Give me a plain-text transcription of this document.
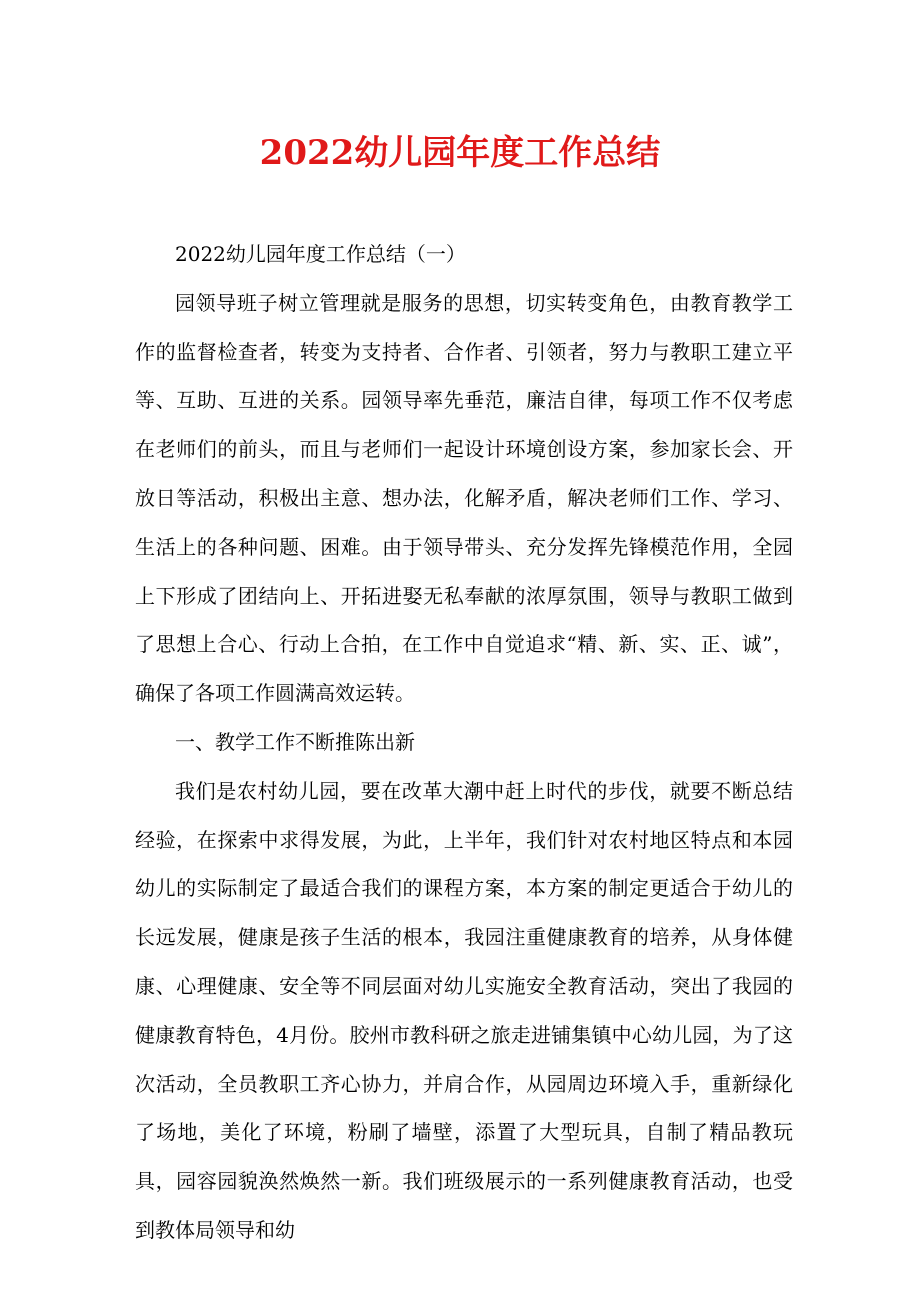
2022幼儿园年度工作总结

2022幼儿园年度工作总结（一）

园领导班子树立管理就是服务的思想，切实转变角色，由教育教学工作的监督检查者，转变为支持者、合作者、引领者，努力与教职工建立平等、互助、互进的关系。园领导率先垂范，廉洁自律，每项工作不仅考虑在老师们的前头，而且与老师们一起设计环境创设方案，参加家长会、开放日等活动，积极出主意、想办法，化解矛盾，解决老师们工作、学习、生活上的各种问题、困难。由于领导带头、充分发挥先锋模范作用，全园上下形成了团结向上、开拓进娶无私奉献的浓厚氛围，领导与教职工做到了思想上合心、行动上合拍，在工作中自觉追求“精、新、实、正、诚”，确保了各项工作圆满高效运转。

一、教学工作不断推陈出新

我们是农村幼儿园，要在改革大潮中赶上时代的步伐，就要不断总结经验，在探索中求得发展，为此，上半年，我们针对农村地区特点和本园幼儿的实际制定了最适合我们的课程方案，本方案的制定更适合于幼儿的长远发展，健康是孩子生活的根本，我园注重健康教育的培养，从身体健康、心理健康、安全等不同层面对幼儿实施安全教育活动，突出了我园的健康教育特色，4月份。胶州市教科研之旅走进铺集镇中心幼儿园，为了这次活动，全员教职工齐心协力，并肩合作，从园周边环境入手，重新绿化了场地，美化了环境，粉刷了墙壁，添置了大型玩具，自制了精品教玩具，园容园貌涣然焕然一新。我们班级展示的一系列健康教育活动，也受到教体局领导和幼
